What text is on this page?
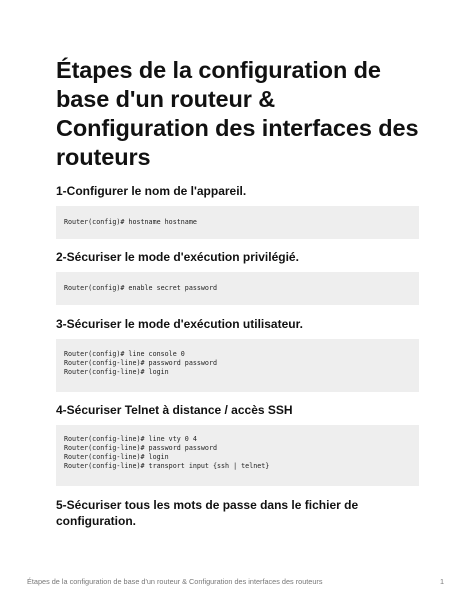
Étapes de la configuration de base d'un routeur & Configuration des interfaces des routeurs
1-Configurer le nom de l'appareil.
Router(config)# hostname hostname
2-Sécuriser le mode d'exécution privilégié.
Router(config)# enable secret password
3-Sécuriser le mode d'exécution utilisateur.
Router(config)# line console 0
Router(config-line)# password password
Router(config-line)# login
4-Sécuriser Telnet à distance / accès SSH
Router(config-line)# line vty 0 4
Router(config-line)# password password
Router(config-line)# login
Router(config-line)# transport input {ssh | telnet}
5-Sécuriser tous les mots de passe dans le fichier de configuration.
Étapes de la configuration de base d'un routeur & Configuration des interfaces des routeurs	1
